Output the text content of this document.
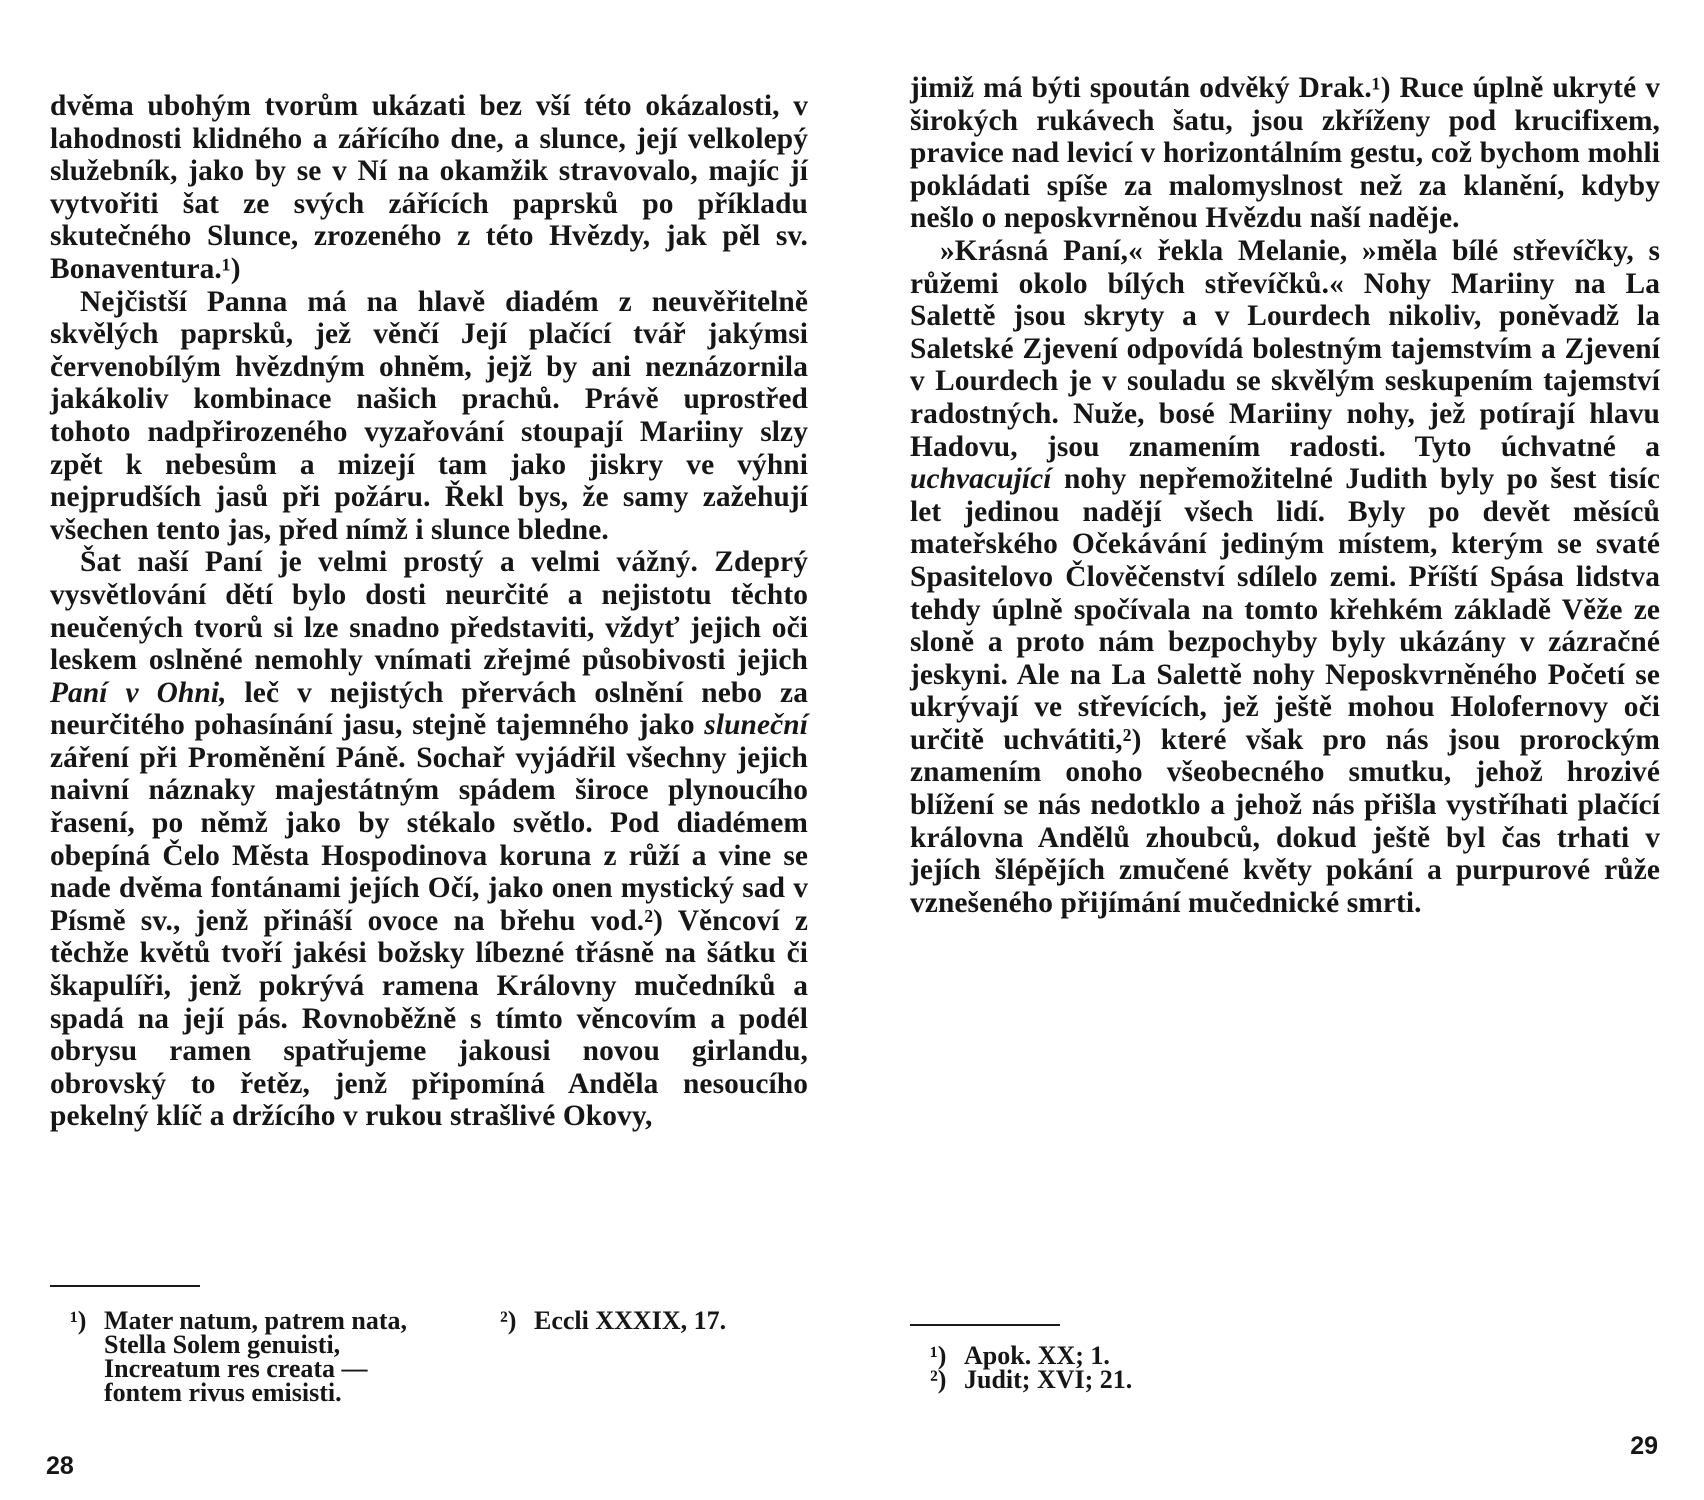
dvěma ubohým tvorům ukázati bez vší této okázalosti, v lahodnosti klidného a zářícího dne, a slunce, její velkolepý služebník, jako by se v Ní na okamžik stravovalo, majíc jí vytvořiti šat ze svých zářících paprsků po příkladu skutečného Slunce, zrozeného z této Hvězdy, jak pěl sv. Bonaventura.¹)

Nejčistší Panna má na hlavě diadém z neuvěřitelně skvělých paprsků, jež věnčí Její plačící tvář jakýmsi červenobílým hvězdným ohněm, jejž by ani neznázornila jakákoliv kombinace našich prachů. Právě uprostřed tohoto nadpřirozeného vyzařování stoupají Mariiny slzy zpět k nebesům a mizejí tam jako jiskry ve výhni nejprudších jasů při požáru. Řekl bys, že samy zažehují všechen tento jas, před nímž i slunce bledne.

Šat naší Paní je velmi prostý a velmi vážný. Zdeprý vysvětlování dětí bylo dosti neurčité a nejistotu těchto neučených tvorů si lze snadno představiti, vždyť jejich oči leskem oslněné nemohly vnímati zřejmé působivosti jejich Paní v Ohni, leč v nejistých přervách oslnění nebo za neurčitého pohasínání jasu, stejně tajemného jako sluneční záření při Proměnění Páně. Sochař vyjádřil všechny jejich naivní náznaky majestátným spádem široce plynoucího řasení, po němž jako by stékalo světlo. Pod diadémem obepíná Čelo Města Hospodinova koruna z růží a vine se nade dvěma fontánami jejích Očí, jako onen mystický sad v Písmě sv., jenž přináší ovoce na břehu vod.²) Věncoví z těchže květů tvoří jakési božsky líbezné třásně na šátku či škapulíři, jenž pokrývá ramena Královny mučedníků a spadá na její pás. Rovnoběžně s tímto věncovím a podél obrysu ramen spatřujeme jakousi novou girlandu, obrovský to řetěz, jenž připomíná Anděla nesoucího pekelný klíč a držícího v rukou strašlivé Okovy,

¹) Mater natum, patrem nata,
Stella Solem genuisti,
Increatum res creata —
fontem rivus emisisti.
²) Eccli XXXIX, 17.
28

jimiž má býti spoután odvěký Drak.¹) Ruce úplně ukryté v širokých rukávech šatu, jsou zkříženy pod krucifixem, pravice nad levicí v horizontálním gestu, což bychom mohli pokládati spíše za malomyslnost než za klanění, kdyby nešlo o neposkvrněnou Hvězdu naší naděje.

»Krásná Paní,« řekla Melanie, »měla bílé střevíčky, s růžemi okolo bílých střevíčků.« Nohy Mariiny na La Salettě jsou skryty a v Lourdech nikoliv, poněvadž la Saletské Zjevení odpovídá bolestným tajemstvím a Zjevení v Lourdech je v souladu se skvělým seskupením tajemství radostných. Nuže, bosé Mariiny nohy, jež potírají hlavu Hadovu, jsou znamením radosti. Tyto úchvatné a uchvacující nohy nepřemožitelné Judith byly po šest tisíc let jedinou nadějí všech lidí. Byly po devět měsíců mateřského Očekávání jediným místem, kterým se svaté Spasitelovo Člověčenství sdílelo zemi. Příští Spása lidstva tehdy úplně spočívala na tomto křehkém základě Věže ze sloně a proto nám bezpochyby byly ukázány v zázračné jeskyni. Ale na La Salettě nohy Neposkvrněného Početí se ukrývají ve střevících, jež ještě mohou Holofernovy oči určitě uchvátiti,²) které však pro nás jsou prorockým znamením onoho všeobecného smutku, jehož hrozivé blížení se nás nedotklo a jehož nás přišla vystříhati plačící královna Andělů zhoubců, dokud ještě byl čas trhati v jejích šlépějích zmučené květy pokání a purpurové růže vznešeného přijímání mučednické smrti.

¹) Apok. XX; 1.
²) Judit; XVI; 21.
29
